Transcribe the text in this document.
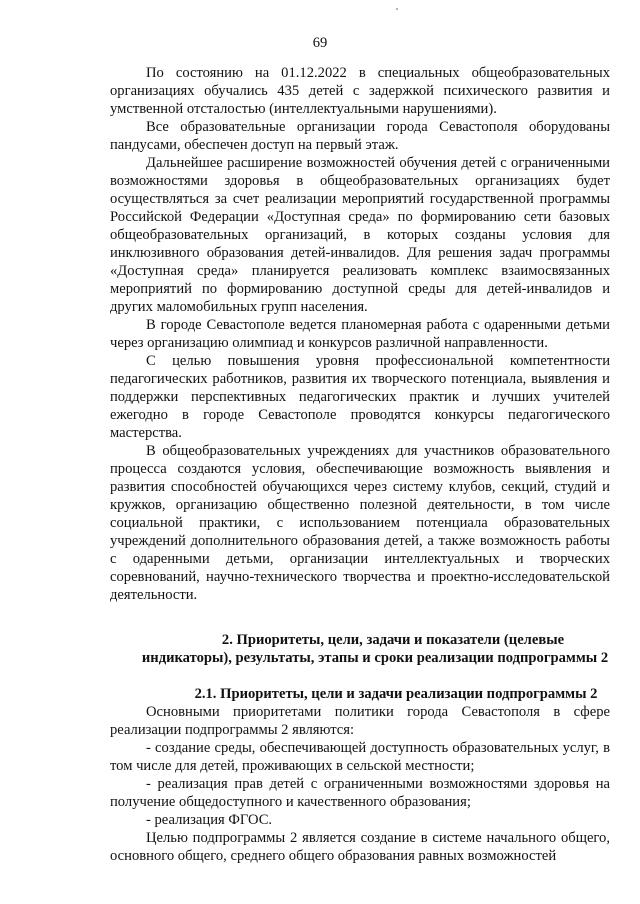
69

По состоянию на 01.12.2022 в специальных общеобразовательных организациях обучались 435 детей с задержкой психического развития и умственной отсталостью (интеллектуальными нарушениями).

Все образовательные организации города Севастополя оборудованы пандусами, обеспечен доступ на первый этаж.

Дальнейшее расширение возможностей обучения детей с ограниченными возможностями здоровья в общеобразовательных организациях будет осуществляться за счет реализации мероприятий государственной программы Российской Федерации «Доступная среда» по формированию сети базовых общеобразовательных организаций, в которых созданы условия для инклюзивного образования детей-инвалидов. Для решения задач программы «Доступная среда» планируется реализовать комплекс взаимосвязанных мероприятий по формированию доступной среды для детей-инвалидов и других маломобильных групп населения.

В городе Севастополе ведется планомерная работа с одаренными детьми через организацию олимпиад и конкурсов различной направленности.

С целью повышения уровня профессиональной компетентности педагогических работников, развития их творческого потенциала, выявления и поддержки перспективных педагогических практик и лучших учителей ежегодно в городе Севастополе проводятся конкурсы педагогического мастерства.

В общеобразовательных учреждениях для участников образовательного процесса создаются условия, обеспечивающие возможность выявления и развития способностей обучающихся через систему клубов, секций, студий и кружков, организацию общественно полезной деятельности, в том числе социальной практики, с использованием потенциала образовательных учреждений дополнительного образования детей, а также возможность работы с одаренными детьми, организации интеллектуальных и творческих соревнований, научно-технического творчества и проектно-исследовательской деятельности.

2. Приоритеты, цели, задачи и показатели (целевые индикаторы), результаты, этапы и сроки реализации подпрограммы 2

2.1. Приоритеты, цели и задачи реализации подпрограммы 2

Основными приоритетами политики города Севастополя в сфере реализации подпрограммы 2 являются:

- создание среды, обеспечивающей доступность образовательных услуг, в том числе для детей, проживающих в сельской местности;

- реализация прав детей с ограниченными возможностями здоровья на получение общедоступного и качественного образования;

- реализация ФГОС.

Целью подпрограммы 2 является создание в системе начального общего, основного общего, среднего общего образования равных возможностей
